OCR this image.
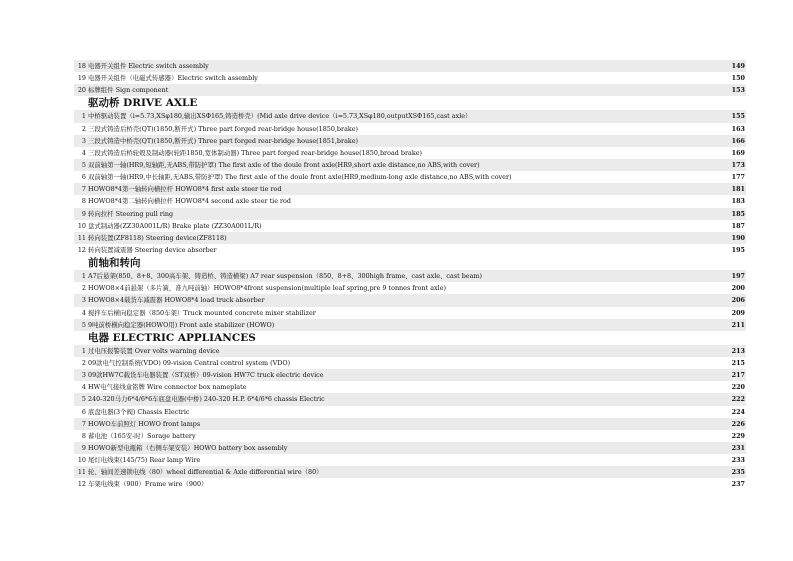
18 电器开关组件 Electric switch assembly	149
19 电器开关组件（电磁式传感器）Electric switch assembly	150
20 标牌组件 Sign component	153
驱动桥 DRIVE AXLE
1 中桥驱动装置（i=5.73,XSφ180,输出XSΦ165,铸造桥壳）(Mid axle drive device（i=5.73,XSφ180,outputXSΦ165,cast axle）	155
2 三段式铸造后桥壳(QT)(1850,断开式) Three part forged rear-bridge house(1850,brake)	163
3 三段式铸造中桥壳(QT)(1850,断开式) Three part forged rear-bridge house(1851,brake)	166
4 三段式铸造后桥轮毂及制动器(轮距1850,宽体制动器) Three part forged rear-bridge house(1850,broad brake)	169
5 双前轴第一轴(HR9,短轴距,无ABS,带防护罩) The first axle of the doule front axle(HR9,short axle distance,no ABS,with cover)	173
6 双前轴第一轴(HR9,中长轴距,无ABS,带防护罩) The first axle of the doule front axle(HR9,medium-long axle distance,no ABS,with cover)	177
7 HOWO8*4第一轴转向横拉杆 HOWO8*4 first axle steer tie rod	181
8 HOWO8*4第二轴转向横拉杆 HOWO8*4 second axle steer tie rod	183
9 转向拉杆 Steering pull ring	185
10 盘式制动器(ZZ30A001L/R) Brake plate (ZZ30A001L/R)	187
11 转向装置(ZF8118) Steering device(ZF8118)	190
12 转向装置减震器 Steering device absorber	195
前轴和转向
1 A7后悬架(850、8+8、300高车架、铸造桥、铸造横梁) A7 rear suspension（850、8+8、300high frame、cast axle、cast beam)	197
2 HOWO8×4前悬架（多片簧，准九吨前轴）HOWO8*4front suspension(multiple leaf spring,pre 9 tonnes front axle)	200
3 HOWO8×4载货车减震器 HOWO8*4 load truck absorber	206
4 搅拌车后横向稳定器（850车架）Truck mounted concrete mixer stabilizer	209
5 9吨前桥横向稳定器(HOWO用) Front axle stabilizer (HOWO)	211
电器 ELECTRIC APPLIANCES
1 过电压报警装置 Over volts warning device	213
2 09款电气控制系统(VDO) 09-vision Central control system (VDO)	215
3 09款HW7C载货车电器装置（ST双桥）09-vision HW7C truck electric device	217
4 HW电气接线盒铭牌 Wire connector box nameplate	220
5 240-320马力6*4/6*6车底盘电器(中桥) 240-320 H.P. 6*4/6*6 chassis Electric	222
6 底盘电器(3个阀) Chassis Electric	224
7 HOWO车前照灯 HOWO front lamps	226
8 蓄电池（165安-时）Sorage battery	229
9 HOWO新型电瓶箱（右侧车架安装）HOWO battery box assembly	231
10 尾灯电线束(145/75) Rear lamp Wire	233
11 轮、轴间差速锁电线（80）wheel differential & Axle differential wire（80）	235
12 车架电线束（900）Frame wire（900）	237
